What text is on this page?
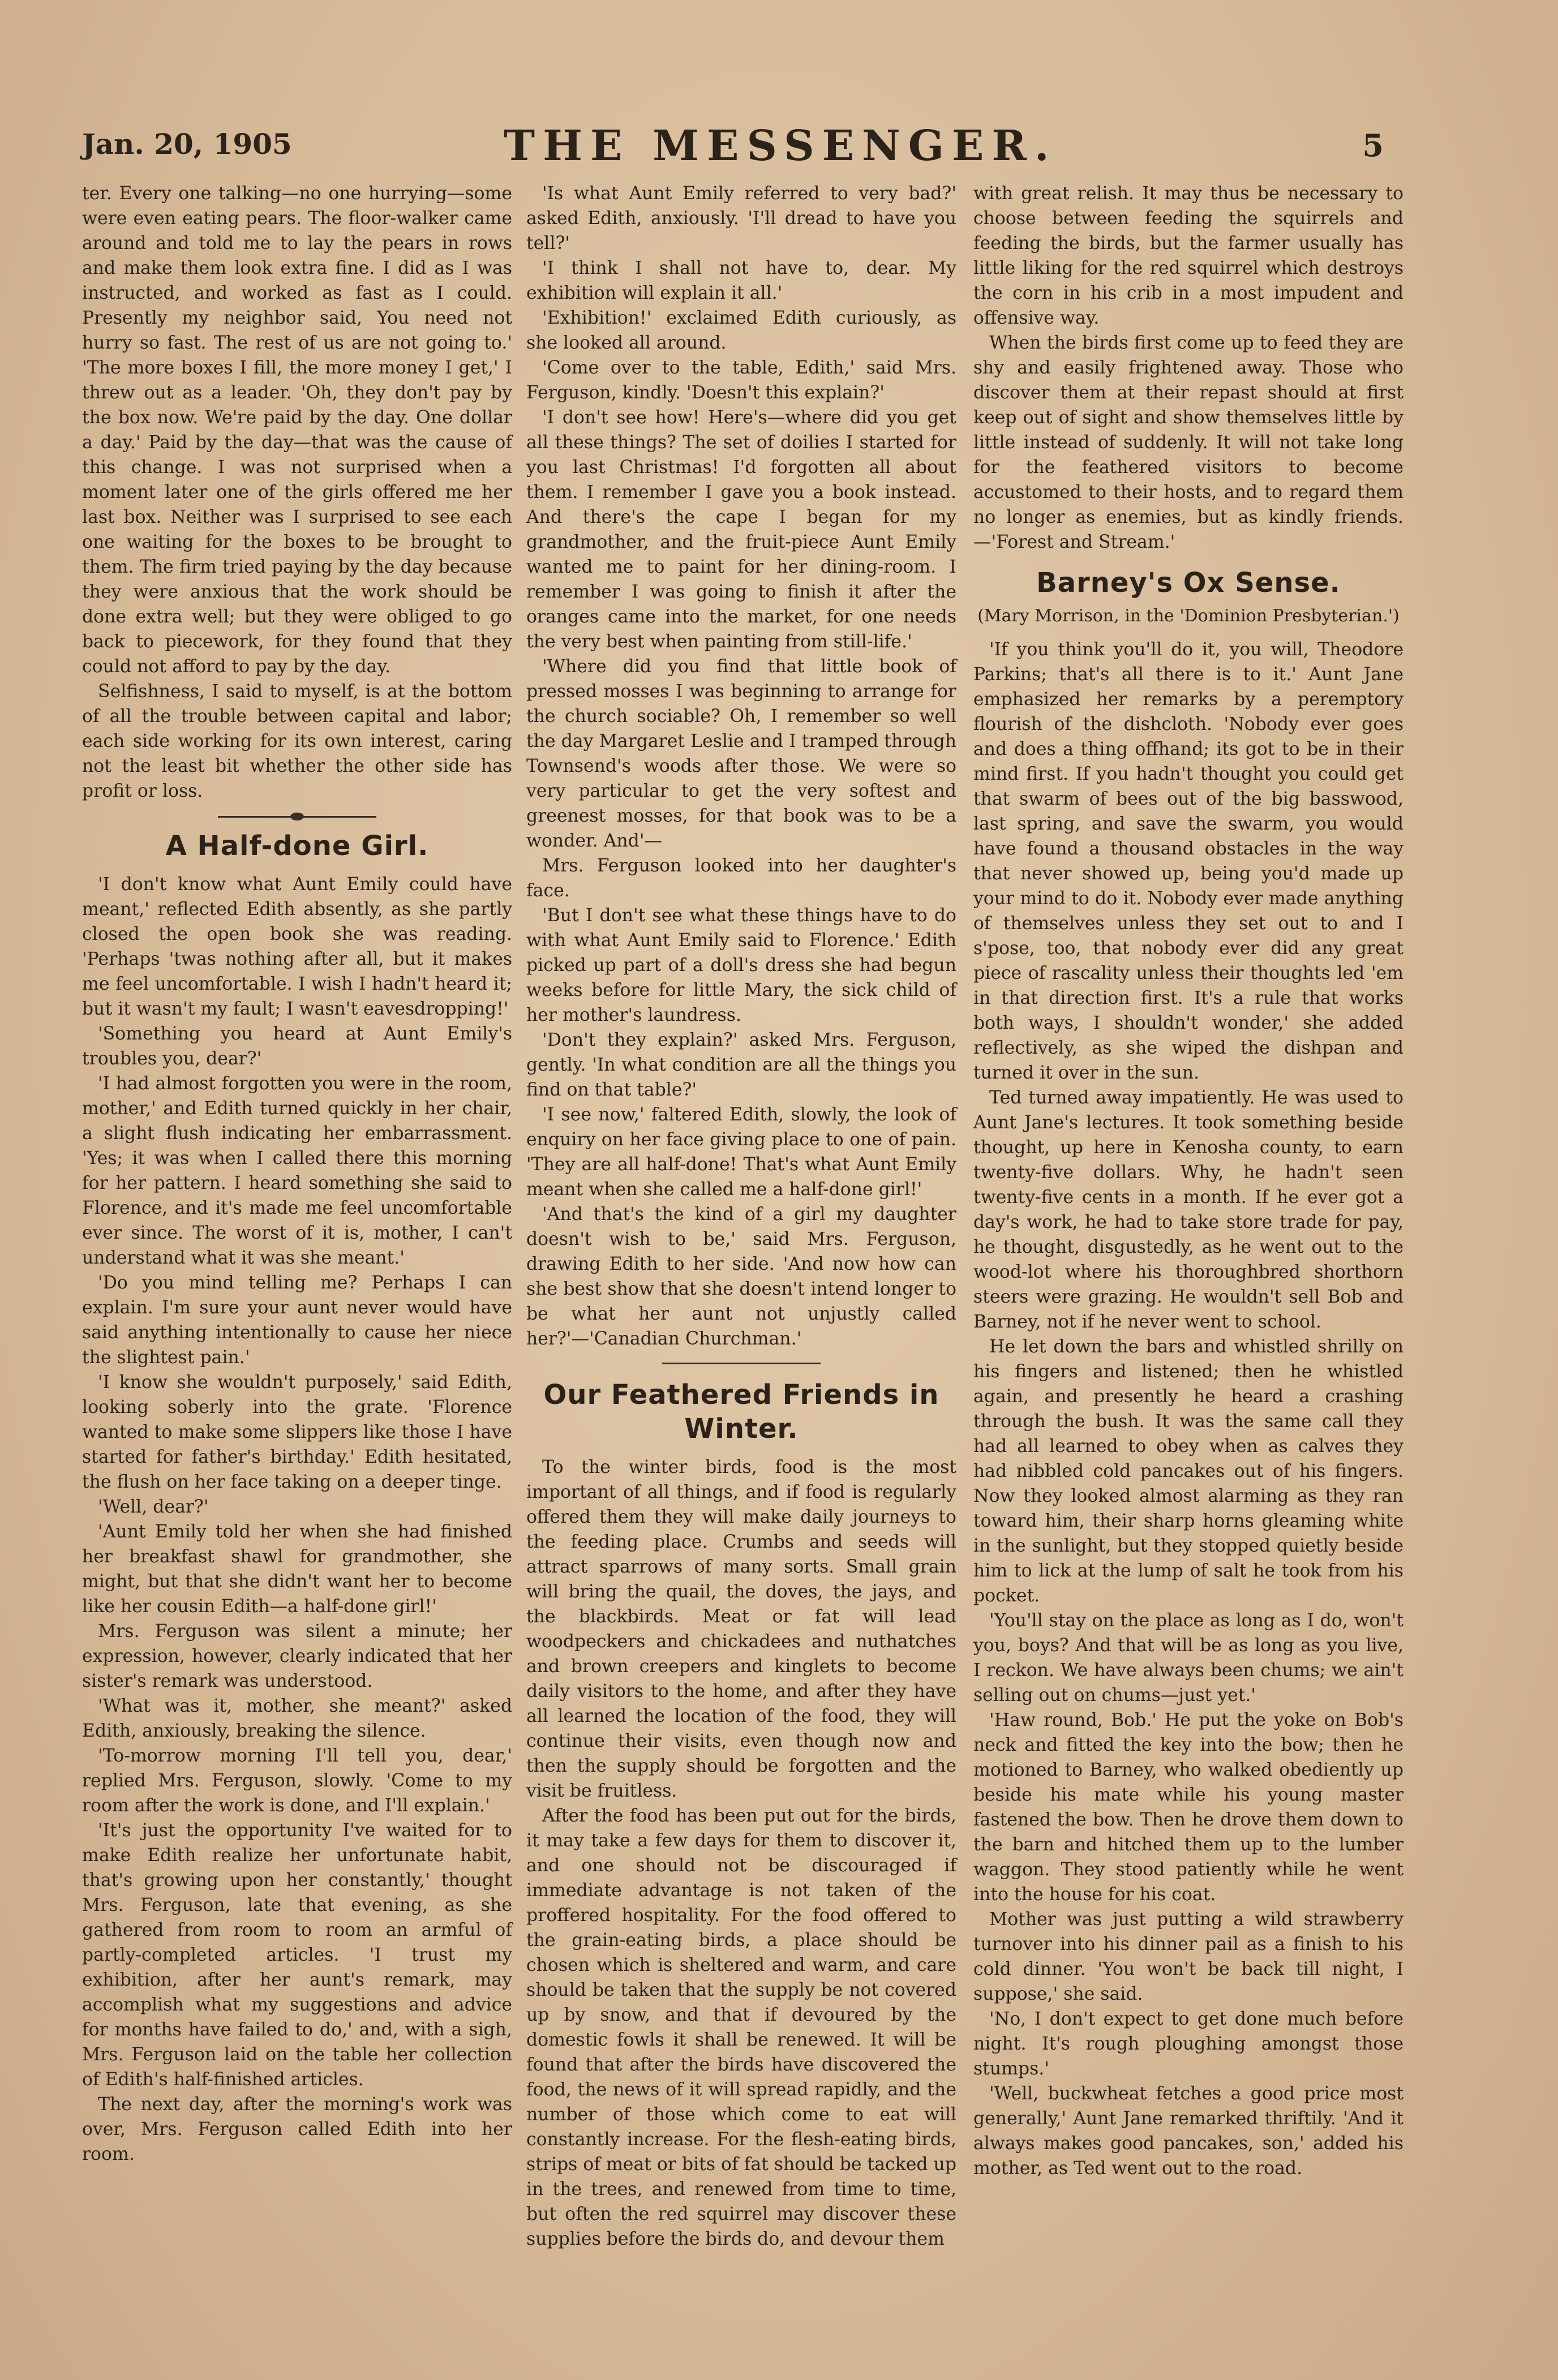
Jan. 20, 1905	THE MESSENGER.	5

ter. Every one talking—no one hurrying—some were even eating pears. The floor-walker came around and told me to lay the pears in rows and make them look extra fine. I did as I was instructed, and worked as fast as I could. Presently my neighbor said, You need not hurry so fast. The rest of us are not going to.' 'The more boxes I fill, the more money I get,' I threw out as a leader. 'Oh, they don't pay by the box now. We're paid by the day. One dollar a day.' Paid by the day—that was the cause of this change. I was not surprised when a moment later one of the girls offered me her last box. Neither was I surprised to see each one waiting for the boxes to be brought to them. The firm tried paying by the day because they were anxious that the work should be done extra well; but they were obliged to go back to piecework, for they found that they could not afford to pay by the day.

Selfishness, I said to myself, is at the bottom of all the trouble between capital and labor; each side working for its own interest, caring not the least bit whether the other side has profit or loss.

A Half-done Girl.

'I don't know what Aunt Emily could have meant,' reflected Edith absently, as she partly closed the open book she was reading. 'Perhaps 'twas nothing after all, but it makes me feel uncomfortable. I wish I hadn't heard it; but it wasn't my fault; I wasn't eavesdropping!'

'Something you heard at Aunt Emily's troubles you, dear?'

'I had almost forgotten you were in the room, mother,' and Edith turned quickly in her chair, a slight flush indicating her embarrassment. 'Yes; it was when I called there this morning for her pattern. I heard something she said to Florence, and it's made me feel uncomfortable ever since. The worst of it is, mother, I can't understand what it was she meant.'

'Do you mind telling me? Perhaps I can explain. I'm sure your aunt never would have said anything intentionally to cause her niece the slightest pain.'

'I know she wouldn't purposely,' said Edith, looking soberly into the grate. 'Florence wanted to make some slippers like those I have started for father's birthday.' Edith hesitated, the flush on her face taking on a deeper tinge.

'Well, dear?'

'Aunt Emily told her when she had finished her breakfast shawl for grandmother, she might, but that she didn't want her to become like her cousin Edith—a half-done girl!'

Mrs. Ferguson was silent a minute; her expression, however, clearly indicated that her sister's remark was understood.

'What was it, mother, she meant?' asked Edith, anxiously, breaking the silence.

'To-morrow morning I'll tell you, dear,' replied Mrs. Ferguson, slowly. 'Come to my room after the work is done, and I'll explain.'

'It's just the opportunity I've waited for to make Edith realize her unfortunate habit, that's growing upon her constantly,' thought Mrs. Ferguson, late that evening, as she gathered from room to room an armful of partly-completed articles. 'I trust my exhibition, after her aunt's remark, may accomplish what my suggestions and advice for months have failed to do,' and, with a sigh, Mrs. Ferguson laid on the table her collection of Edith's half-finished articles.

The next day, after the morning's work was over, Mrs. Ferguson called Edith into her room.

'Is what Aunt Emily referred to very bad?' asked Edith, anxiously. 'I'll dread to have you tell?'

'I think I shall not have to, dear. My exhibition will explain it all.'

'Exhibition!' exclaimed Edith curiously, as she looked all around.

'Come over to the table, Edith,' said Mrs. Ferguson, kindly. 'Doesn't this explain?'

'I don't see how! Here's—where did you get all these things? The set of doilies I started for you last Christmas! I'd forgotten all about them. I remember I gave you a book instead. And there's the cape I began for my grandmother, and the fruit-piece Aunt Emily wanted me to paint for her dining-room. I remember I was going to finish it after the oranges came into the market, for one needs the very best when painting from still-life.'

'Where did you find that little book of pressed mosses I was beginning to arrange for the church sociable? Oh, I remember so well the day Margaret Leslie and I tramped through Townsend's woods after those. We were so very particular to get the very softest and greenest mosses, for that book was to be a wonder. And'—

Mrs. Ferguson looked into her daughter's face.

'But I don't see what these things have to do with what Aunt Emily said to Florence.' Edith picked up part of a doll's dress she had begun weeks before for little Mary, the sick child of her mother's laundress.

'Don't they explain?' asked Mrs. Ferguson, gently. 'In what condition are all the things you find on that table?'

'I see now,' faltered Edith, slowly, the look of enquiry on her face giving place to one of pain. 'They are all half-done! That's what Aunt Emily meant when she called me a half-done girl!'

'And that's the kind of a girl my daughter doesn't wish to be,' said Mrs. Ferguson, drawing Edith to her side. 'And now how can she best show that she doesn't intend longer to be what her aunt not unjustly called her?'—'Canadian Churchman.'

Our Feathered Friends in Winter.

To the winter birds, food is the most important of all things, and if food is regularly offered them they will make daily journeys to the feeding place. Crumbs and seeds will attract sparrows of many sorts. Small grain will bring the quail, the doves, the jays, and the blackbirds. Meat or fat will lead woodpeckers and chickadees and nuthatches and brown creepers and kinglets to become daily visitors to the home, and after they have all learned the location of the food, they will continue their visits, even though now and then the supply should be forgotten and the visit be fruitless.

After the food has been put out for the birds, it may take a few days for them to discover it, and one should not be discouraged if immediate advantage is not taken of the proffered hospitality. For the food offered to the grain-eating birds, a place should be chosen which is sheltered and warm, and care should be taken that the supply be not covered up by snow, and that if devoured by the domestic fowls it shall be renewed. It will be found that after the birds have discovered the food, the news of it will spread rapidly, and the number of those which come to eat will constantly increase. For the flesh-eating birds, strips of meat or bits of fat should be tacked up in the trees, and renewed from time to time, but often the red squirrel may discover these supplies before the birds do, and devour them

with great relish. It may thus be necessary to choose between feeding the squirrels and feeding the birds, but the farmer usually has little liking for the red squirrel which destroys the corn in his crib in a most impudent and offensive way.

When the birds first come up to feed they are shy and easily frightened away. Those who discover them at their repast should at first keep out of sight and show themselves little by little instead of suddenly. It will not take long for the feathered visitors to become accustomed to their hosts, and to regard them no longer as enemies, but as kindly friends.—'Forest and Stream.'

Barney's Ox Sense.
(Mary Morrison, in the 'Dominion Presbyterian.')

'If you think you'll do it, you will, Theodore Parkins; that's all there is to it.' Aunt Jane emphasized her remarks by a peremptory flourish of the dishcloth. 'Nobody ever goes and does a thing offhand; its got to be in their mind first. If you hadn't thought you could get that swarm of bees out of the big basswood, last spring, and save the swarm, you would have found a thousand obstacles in the way that never showed up, being you'd made up your mind to do it. Nobody ever made anything of themselves unless they set out to and I s'pose, too, that nobody ever did any great piece of rascality unless their thoughts led 'em in that direction first. It's a rule that works both ways, I shouldn't wonder,' she added reflectively, as she wiped the dishpan and turned it over in the sun.

Ted turned away impatiently. He was used to Aunt Jane's lectures. It took something beside thought, up here in Kenosha county, to earn twenty-five dollars. Why, he hadn't seen twenty-five cents in a month. If he ever got a day's work, he had to take store trade for pay, he thought, disgustedly, as he went out to the wood-lot where his thoroughbred shorthorn steers were grazing. He wouldn't sell Bob and Barney, not if he never went to school.

He let down the bars and whistled shrilly on his fingers and listened; then he whistled again, and presently he heard a crashing through the bush. It was the same call they had all learned to obey when as calves they had nibbled cold pancakes out of his fingers. Now they looked almost alarming as they ran toward him, their sharp horns gleaming white in the sunlight, but they stopped quietly beside him to lick at the lump of salt he took from his pocket.

'You'll stay on the place as long as I do, won't you, boys? And that will be as long as you live, I reckon. We have always been chums; we ain't selling out on chums—just yet.'

'Haw round, Bob.' He put the yoke on Bob's neck and fitted the key into the bow; then he motioned to Barney, who walked obediently up beside his mate while his young master fastened the bow. Then he drove them down to the barn and hitched them up to the lumber waggon. They stood patiently while he went into the house for his coat.

Mother was just putting a wild strawberry turnover into his dinner pail as a finish to his cold dinner. 'You won't be back till night, I suppose,' she said.

'No, I don't expect to get done much before night. It's rough ploughing amongst those stumps.'

'Well, buckwheat fetches a good price most generally,' Aunt Jane remarked thriftily. 'And it always makes good pancakes, son,' added his mother, as Ted went out to the road.
